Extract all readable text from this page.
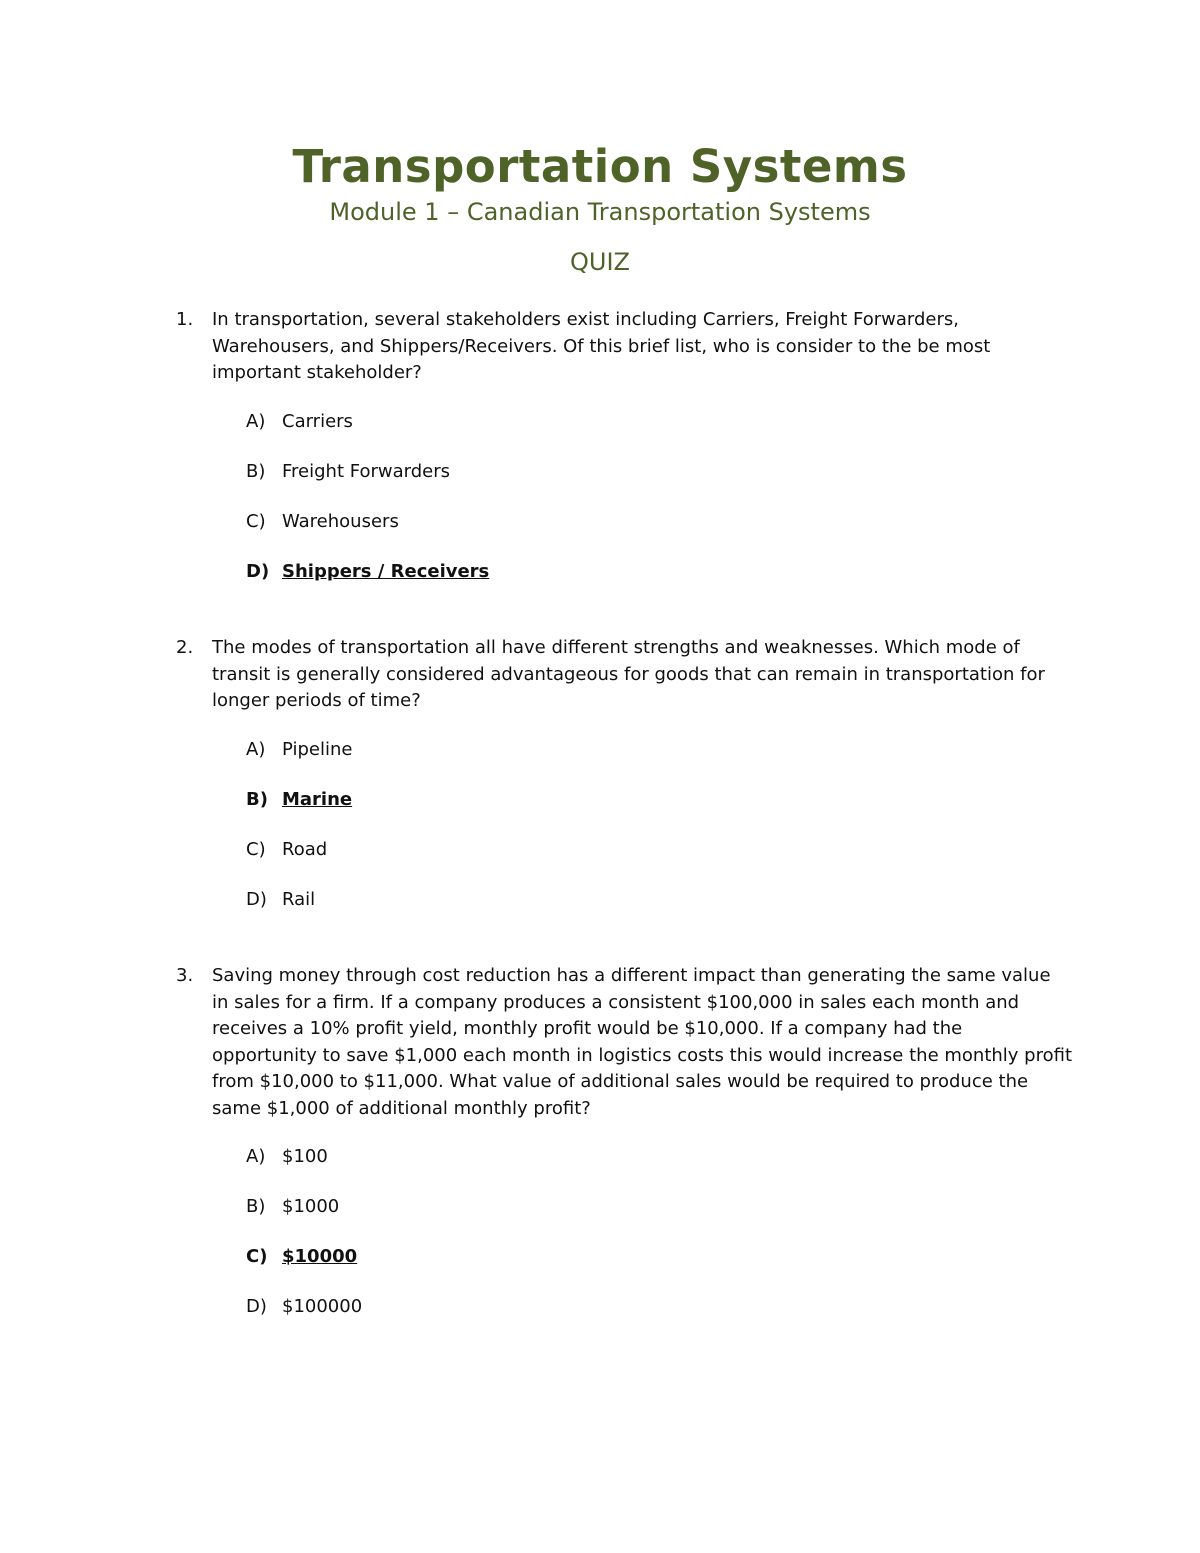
Transportation Systems
Module 1 – Canadian Transportation Systems
QUIZ
1. In transportation, several stakeholders exist including Carriers, Freight Forwarders, Warehousers, and Shippers/Receivers. Of this brief list, who is consider to the be most important stakeholder?
A) Carriers
B) Freight Forwarders
C) Warehousers
D) Shippers / Receivers
2. The modes of transportation all have different strengths and weaknesses. Which mode of transit is generally considered advantageous for goods that can remain in transportation for longer periods of time?
A) Pipeline
B) Marine
C) Road
D) Rail
3. Saving money through cost reduction has a different impact than generating the same value in sales for a firm. If a company produces a consistent $100,000 in sales each month and receives a 10% profit yield, monthly profit would be $10,000. If a company had the opportunity to save $1,000 each month in logistics costs this would increase the monthly profit from $10,000 to $11,000. What value of additional sales would be required to produce the same $1,000 of additional monthly profit?
A) $100
B) $1000
C) $10000
D) $100000
